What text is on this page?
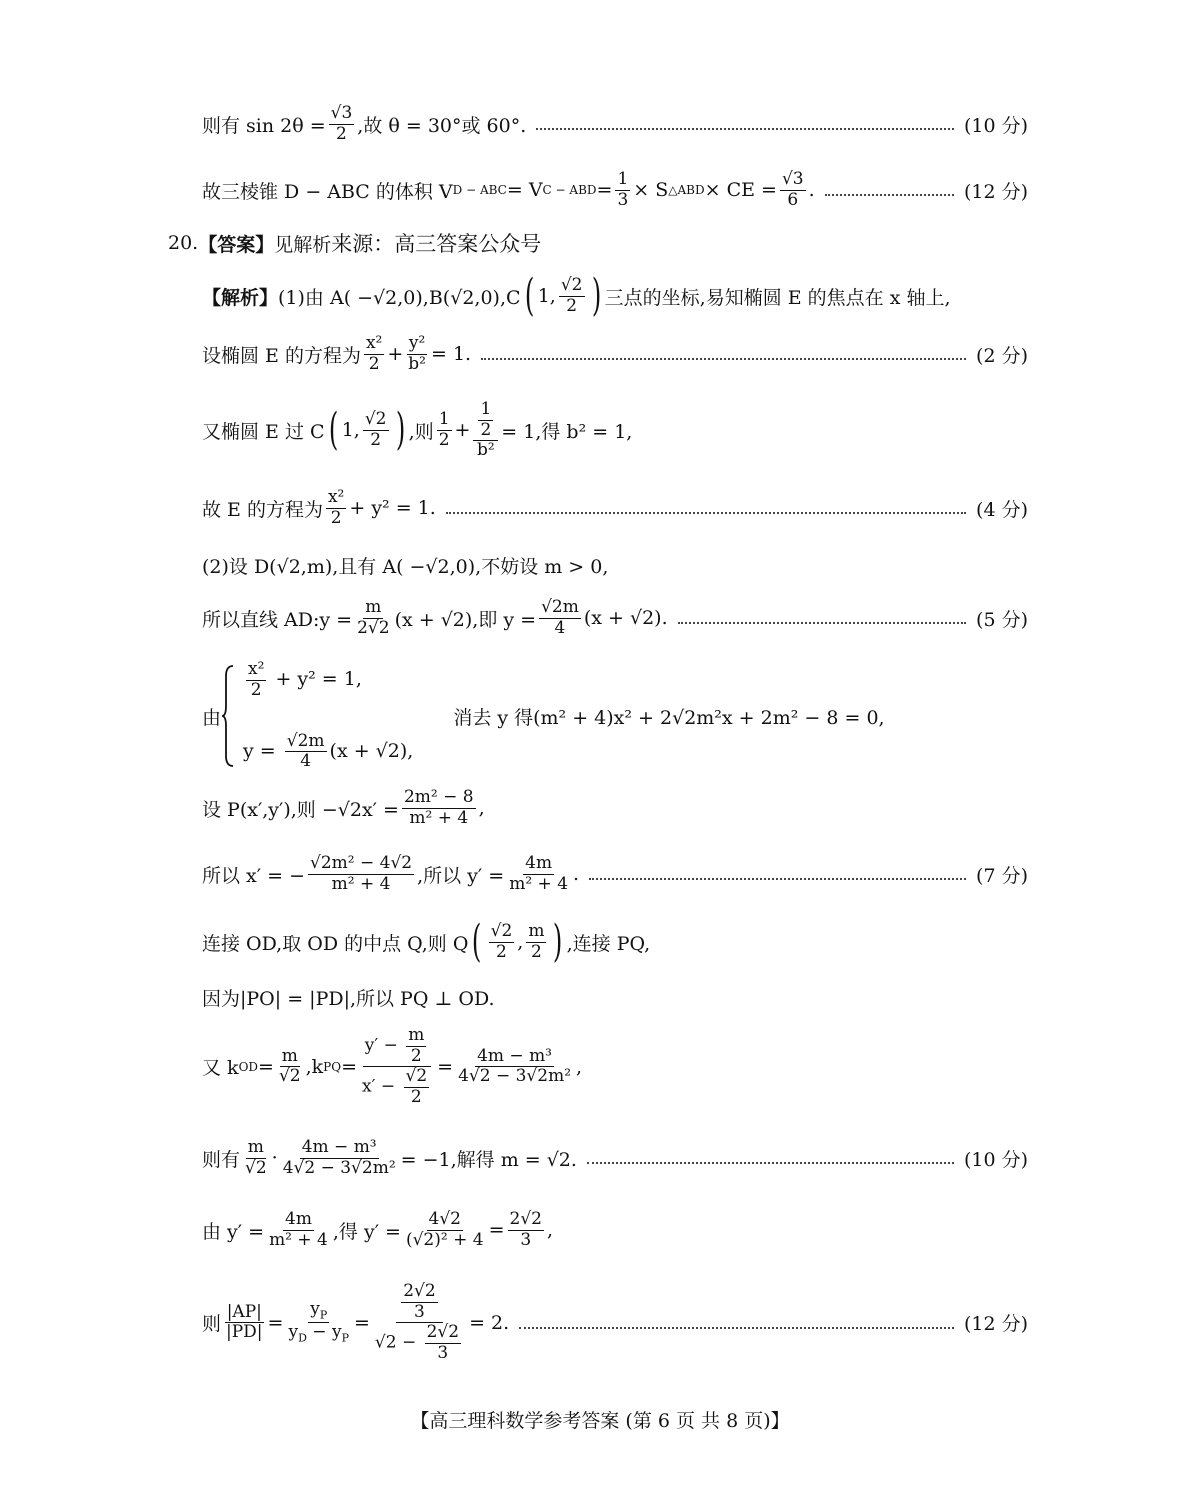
则有 $\sin 2\theta = \frac{√3}{2}$ ,故 θ = 30°或 60°.	(10 分)
故三棱锥 D − ABC 的体积 V D − ABC = V C − ABD = $\frac{1}{3} \times S$ △ABD × CE = $\frac{√3}{6}$ .	(12 分)
20. 【答案】 见解析 来源：高三答案公众号
【解析】 (1)由 A( −√2,0),B(√2,0),C ( 1, $\frac{√2}{2}$ ) 三点的坐标,易知椭圆 E 的焦点在 x 轴上,
设椭圆 E 的方程为 $\frac{\text{x²}}{2} + \frac{\text{y²}}{\text{b²}} = 1$.	(2 分)
又椭圆 E 过 C ( 1, $\frac{√2}{2}$ ) ,则 $\frac{1}{2} + \frac{\frac{1}{2}}{\text{b²}} = 1$,得 b² = 1,
故 E 的方程为 $\frac{\text{x²}}{2} + y^2 = 1$.	(4 分)
(2)设 D(√2,m),且有 A( −√2,0),不妨设 m > 0,
所以直线 AD:y = $\frac{m}{2√2} (x + √2)$,即 $y = \frac{√2m}{4} (x + √2)$.	(5 分)
由
$\frac{\text{x²}}{2} + y^2 = 1$,
$y = \frac{√2m}{4} (x + √2)$,
消去 y 得(m² + 4)x² + 2√2m²x + 2m² − 8 = 0,
设 P(x′,y′),则 $-√2x' = \frac{\text{2m² − 8}}{\text{m² + 4}}$ ,
所以 x′ = − $\frac{\text{√2m² − 4√2}}{\text{m² + 4}}$ ,所以 $y' = \frac{4m}{\text{m² + 4}}$ .	(7 分)
连接 OD,取 OD 的中点 Q,则 Q ( $\frac{√2}{2}$ , $\frac{m}{2}$ ) ,连接 PQ,
因为|PO| = |PD|,所以 PQ ⊥ OD.
又 k OD = $\frac{m}{√2} ,k$ PQ = $\frac{y' - \frac{m}{2}}{x' - \frac{√2}{2}} = \frac{\text{4m − m³}}{\text{4√2 − 3√2m²}}$ ,
则有 $\frac{m}{√2} \cdot \frac{\text{4m − m³}}{\text{4√2 − 3√2m²}} = -1$,解得 m = √2.	(10 分)
由 $y' = \frac{4m}{\text{m² + 4}}$ ,得 $y' = \frac{4√2}{\text{(√2)² + 4}} = \frac{2√2}{3}$ ,
则 $\frac{|AP|}{|PD|} = \frac{y_P}{y_D - y_P} = \frac{\frac{2√2}{3}}{√2 - \frac{2√2}{3}} = 2$.	(12 分)
【高三理科数学参考答案 (第 6 页 共 8 页)】
